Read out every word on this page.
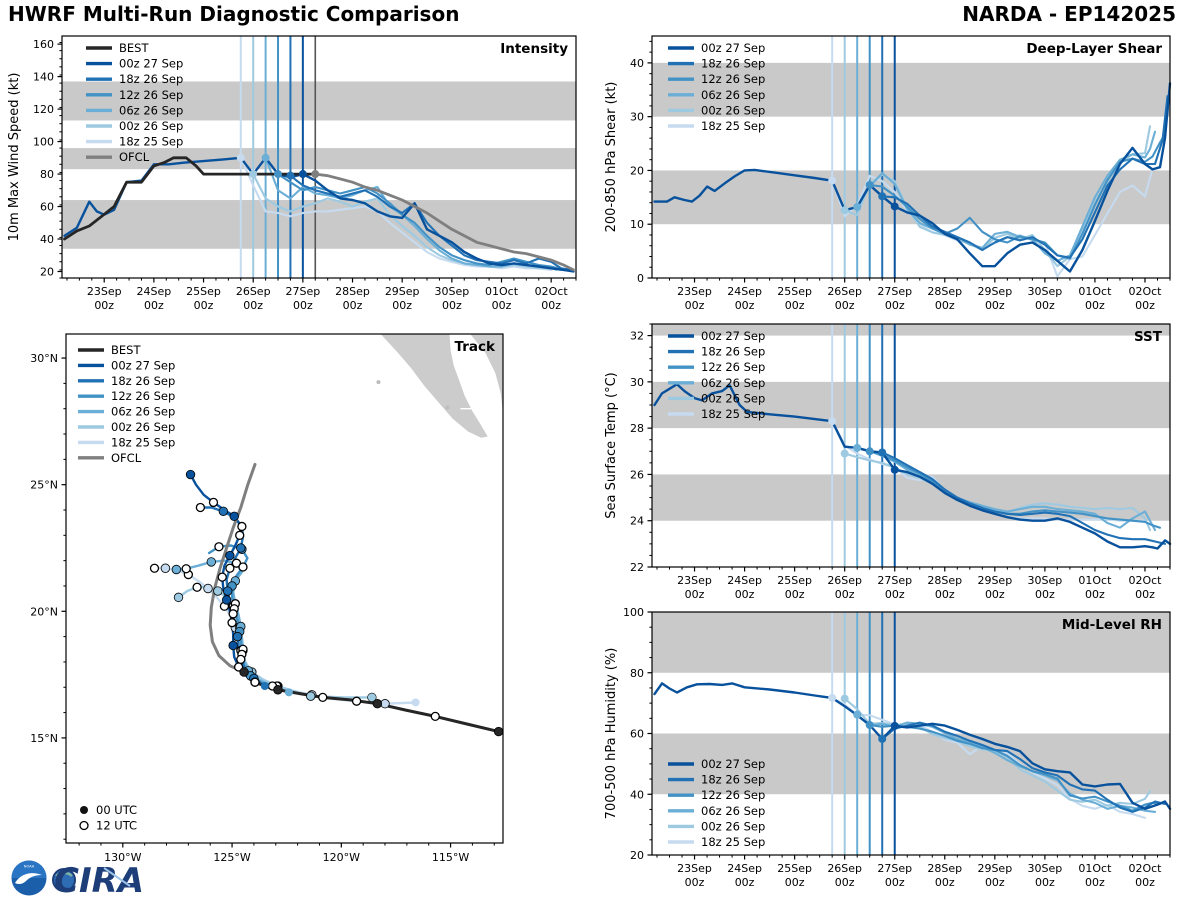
HWRF Multi-Run Diagnostic Comparison	NARDA - EP142025
23Sep 00z
24Sep 00z
25Sep 00z
26Sep 00z
27Sep 00z
28Sep 00z
29Sep 00z
30Sep 00z
01Oct 00z
02Oct 00z
20
40
60
80
100
120
140
160
10m Max Wind Speed (kt)
Intensity
BEST
00z 27 Sep
18z 26 Sep
12z 26 Sep
06z 26 Sep
00z 26 Sep
18z 25 Sep
OFCL
23Sep 00z
24Sep 00z
25Sep 00z
26Sep 00z
27Sep 00z
28Sep 00z
29Sep 00z
30Sep 00z
01Oct 00z
02Oct 00z
0
10
20
30
40
200-850 hPa Shear (kt)
Deep-Layer Shear
00z 27 Sep
18z 26 Sep
12z 26 Sep
06z 26 Sep
00z 26 Sep
18z 25 Sep
23Sep 00z
24Sep 00z
25Sep 00z
26Sep 00z
27Sep 00z
28Sep 00z
29Sep 00z
30Sep 00z
01Oct 00z
02Oct 00z
22
24
26
28
30
32
Sea Surface Temp (°C)
SST
00z 27 Sep
18z 26 Sep
12z 26 Sep
06z 26 Sep
00z 26 Sep
18z 25 Sep
23Sep 00z
24Sep 00z
25Sep 00z
26Sep 00z
27Sep 00z
28Sep 00z
29Sep 00z
30Sep 00z
01Oct 00z
02Oct 00z
20
40
60
80
100
700-500 hPa Humidity (%)
Mid-Level RH
00z 27 Sep
18z 26 Sep
12z 26 Sep
06z 26 Sep
00z 26 Sep
18z 25 Sep
130°W	125°W	120°W	115°W
15°N
20°N
25°N
30°N
Track
BEST
00z 27 Sep
18z 26 Sep
12z 26 Sep
06z 26 Sep
00z 26 Sep
18z 25 Sep
OFCL
00 UTC
12 UTC
NOAA CIRA
